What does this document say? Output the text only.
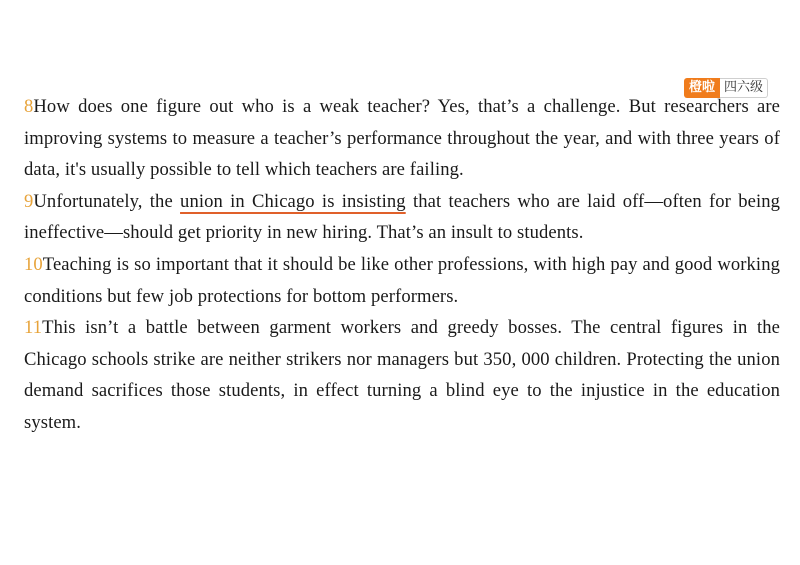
橙啦 四六级

8How does one figure out who is a weak teacher? Yes, that’s a challenge. But researchers are improving systems to measure a teacher’s performance throughout the year, and with three years of data, it's usually possible to tell which teachers are failing.

9Unfortunately, the union in Chicago is insisting that teachers who are laid off—often for being ineffective—should get priority in new hiring. That’s an insult to students.

10Teaching is so important that it should be like other professions, with high pay and good working conditions but few job protections for bottom performers.

11This isn’t a battle between garment workers and greedy bosses. The central figures in the Chicago schools strike are neither strikers nor managers but 350, 000 children. Protecting the union demand sacrifices those students, in effect turning a blind eye to the injustice in the education system.
